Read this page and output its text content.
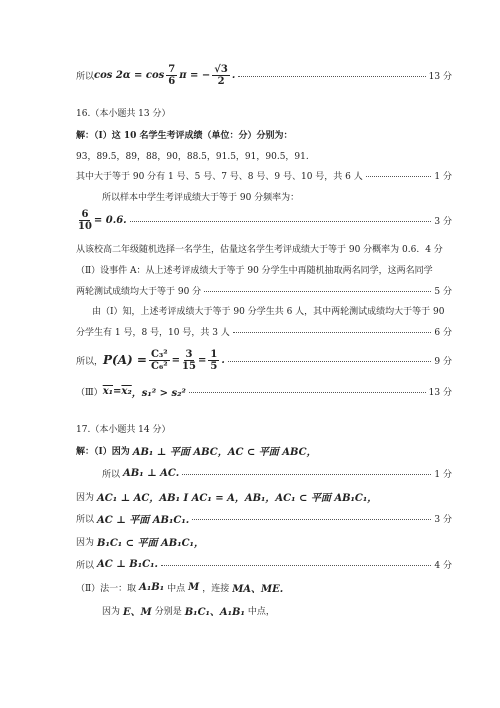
所以 $\cos 2\alpha = \cos \frac{7}{6}$ π = − $\frac{√3}{2}$ .	13 分
16.（本小题共 13 分）
解：（Ⅰ）这 10 名学生考评成绩（单位：分）分别为：
93，89.5，89，88，90，88.5，91.5，91，90.5，91.
其中大于等于 90 分有 1 号、5 号、7 号、8 号、9 号、10 号，共 6 人	1 分
所以样本中学生考评成绩大于等于 90 分频率为：
$\frac{6}{10} = 0.6$.	3 分
从该校高二年级随机选择一名学生，估量这名学生考评成绩大于等于 90 分概率为 0.6. 4 分
（Ⅱ）设事件 A：从上述考评成绩大于等于 90 分学生中再随机抽取两名同学，这两名同学
两轮测试成绩均大于等于 90 分	5 分
由（Ⅰ）知，上述考评成绩大于等于 90 分学生共 6 人，其中两轮测试成绩均大于等于 90
分学生有 1 号，8 号，10 号，共 3 人	6 分
所以， $P(A) = \frac{\text{C₃²}}{\text{C₆²}} = \frac{3}{15} = \frac{1}{5}$ .	9 分
（Ⅲ） x₁ = x₂ ，s₁² > s₂²	13 分
17.（本小题共 14 分）
解：（Ⅰ）因为 AB₁ ⊥ 平面 ABC，AC ⊂ 平面 ABC，
所以 AB₁ ⊥ AC.	1 分
因为 AC₁ ⊥ AC，AB₁ I AC₁ = A，AB₁，AC₁ ⊂ 平面 AB₁C₁，
所以 AC ⊥ 平面 AB₁C₁.	3 分
因为 B₁C₁ ⊂ 平面 AB₁C₁，
所以 AC ⊥ B₁C₁.	4 分
（Ⅱ）法一：取 A₁B₁ 中点 M ，连接 MA、ME.
因为 E、M 分别是 B₁C₁、A₁B₁ 中点，
